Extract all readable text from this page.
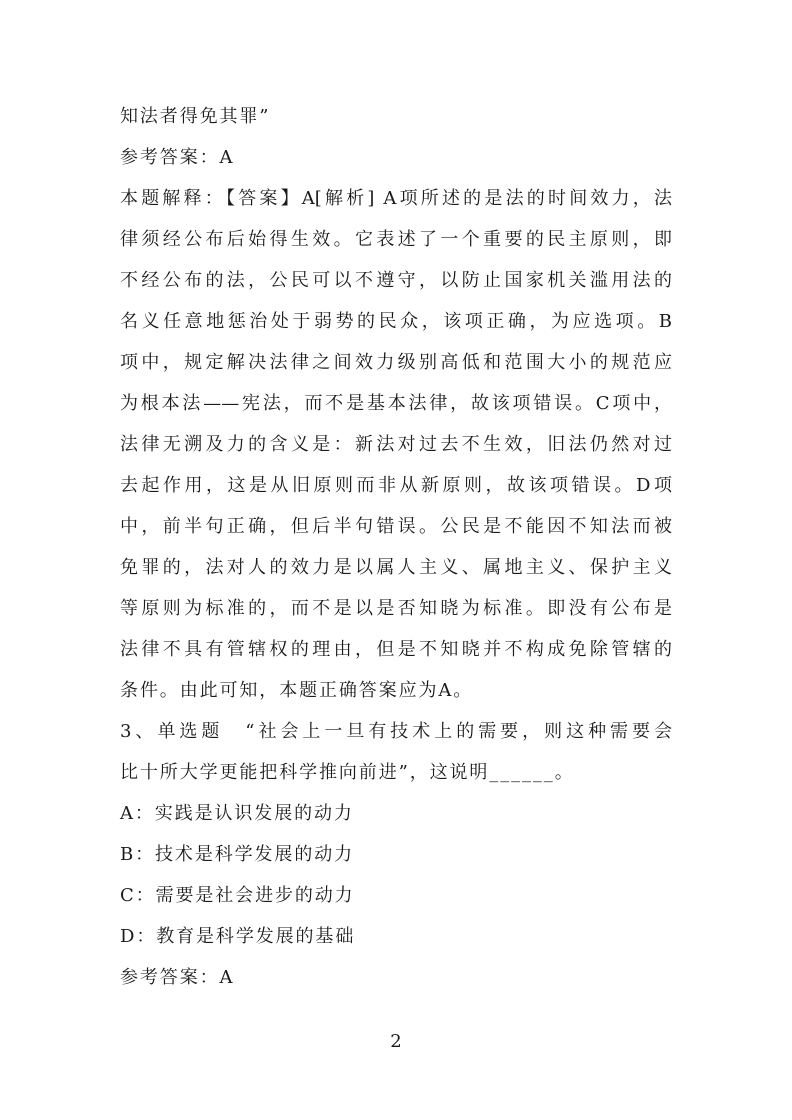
知法者得免其罪”

参考答案：A

本题解释：【答案】A[解析] A项所述的是法的时间效力，法

律须经公布后始得生效。它表述了一个重要的民主原则，即

不经公布的法，公民可以不遵守，以防止国家机关滥用法的

名义任意地惩治处于弱势的民众，该项正确，为应选项。B

项中，规定解决法律之间效力级别高低和范围大小的规范应

为根本法——宪法，而不是基本法律，故该项错误。C项中，

法律无溯及力的含义是：新法对过去不生效，旧法仍然对过

去起作用，这是从旧原则而非从新原则，故该项错误。D项

中，前半句正确，但后半句错误。公民是不能因不知法而被

免罪的，法对人的效力是以属人主义、属地主义、保护主义

等原则为标准的，而不是以是否知晓为标准。即没有公布是

法律不具有管辖权的理由，但是不知晓并不构成免除管辖的

条件。由此可知，本题正确答案应为A。

3、单选题　“社会上一旦有技术上的需要，则这种需要会

比十所大学更能把科学推向前进”，这说明______。

A：实践是认识发展的动力

B：技术是科学发展的动力

C：需要是社会进步的动力

D：教育是科学发展的基础

参考答案：A

2
